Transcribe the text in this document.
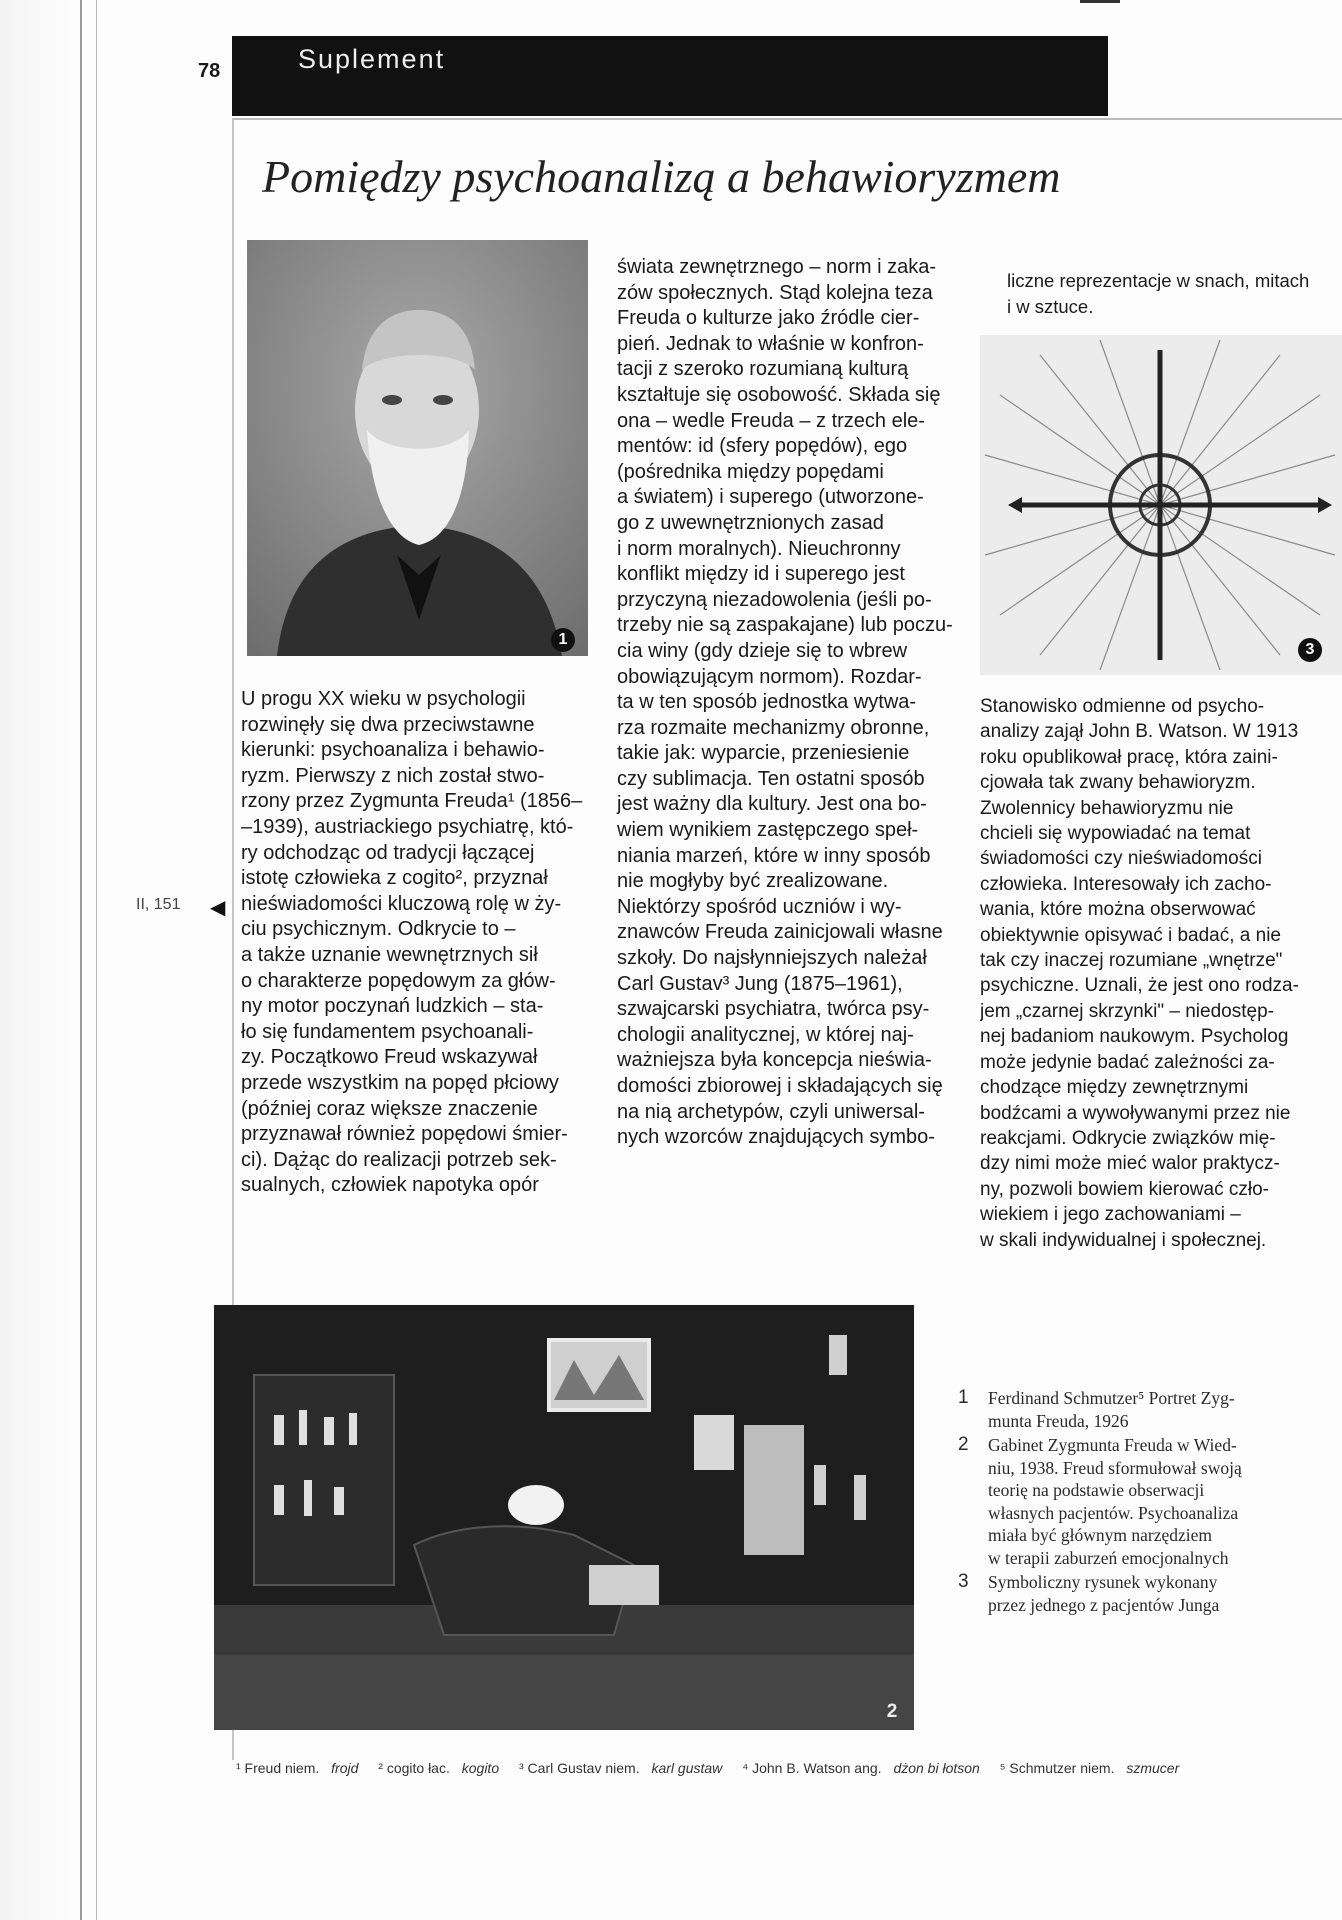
78	Suplement
Pomiędzy psychoanalizą a behawioryzmem
1
3
2
II, 151 ◀

U progu XX wieku w psychologii

rozwinęły się dwa przeciwstawne

kierunki: psychoanaliza i behawio-

ryzm. Pierwszy z nich został stwo-

rzony przez Zygmunta Freuda¹ (1856–

–1939), austriackiego psychiatrę, któ-

ry odchodząc od tradycji łączącej

istotę człowieka z cogito², przyznał

nieświadomości kluczową rolę w ży-

ciu psychicznym. Odkrycie to –

a także uznanie wewnętrznych sił

o charakterze popędowym za głów-

ny motor poczynań ludzkich – sta-

ło się fundamentem psychoanali-

zy. Początkowo Freud wskazywał

przede wszystkim na popęd płciowy

(później coraz większe znaczenie

przyznawał również popędowi śmier-

ci). Dążąc do realizacji potrzeb sek-

sualnych, człowiek napotyka opór

świata zewnętrznego – norm i zaka-

zów społecznych. Stąd kolejna teza

Freuda o kulturze jako źródle cier-

pień. Jednak to właśnie w konfron-

tacji z szeroko rozumianą kulturą

kształtuje się osobowość. Składa się

ona – wedle Freuda – z trzech ele-

mentów: id (sfery popędów), ego

(pośrednika między popędami

a światem) i superego (utworzone-

go z uwewnętrznionych zasad

i norm moralnych). Nieuchronny

konflikt między id i superego jest

przyczyną niezadowolenia (jeśli po-

trzeby nie są zaspakajane) lub poczu-

cia winy (gdy dzieje się to wbrew

obowiązującym normom). Rozdar-

ta w ten sposób jednostka wytwa-

rza rozmaite mechanizmy obronne,

takie jak: wyparcie, przeniesienie

czy sublimacja. Ten ostatni sposób

jest ważny dla kultury. Jest ona bo-

wiem wynikiem zastępczego speł-

niania marzeń, które w inny sposób

nie mogłyby być zrealizowane.

Niektórzy spośród uczniów i wy-

znawców Freuda zainicjowali własne

szkoły. Do najsłynniejszych należał

Carl Gustav³ Jung (1875–1961),

szwajcarski psychiatra, twórca psy-

chologii analitycznej, w której naj-

ważniejsza była koncepcja nieświa-

domości zbiorowej i składających się

na nią archetypów, czyli uniwersal-

nych wzorców znajdujących symbo-

liczne reprezentacje w snach, mitach

i w sztuce.

Stanowisko odmienne od psycho-

analizy zajął John B. Watson. W 1913

roku opublikował pracę, która zaini-

cjowała tak zwany behawioryzm.

Zwolennicy behawioryzmu nie

chcieli się wypowiadać na temat

świadomości czy nieświadomości

człowieka. Interesowały ich zacho-

wania, które można obserwować

obiektywnie opisywać i badać, a nie

tak czy inaczej rozumiane „wnętrze"

psychiczne. Uznali, że jest ono rodza-

jem „czarnej skrzynki" – niedostęp-

nej badaniom naukowym. Psycholog

może jedynie badać zależności za-

chodzące między zewnętrznymi

bodźcami a wywoływanymi przez nie

reakcjami. Odkrycie związków mię-

dzy nimi może mieć walor praktycz-

ny, pozwoli bowiem kierować czło-

wiekiem i jego zachowaniami –

w skali indywidualnej i społecznej.

1	Ferdinand Schmutzer⁵ Portret Zyg-
munta Freuda, 1926
2	Gabinet Zygmunta Freuda w Wied-
niu, 1938. Freud sformułował swoją
teorię na podstawie obserwacji
własnych pacjentów. Psychoanaliza
miała być głównym narzędziem
w terapii zaburzeń emocjonalnych
3	Symboliczny rysunek wykonany
przez jednego z pacjentów Junga
¹ Freud niem. frojd ² cogito łac. kogito ³ Carl Gustav niem. karl gustaw ⁴ John B. Watson ang. dżon bi łotson ⁵ Schmutzer niem. szmucer
